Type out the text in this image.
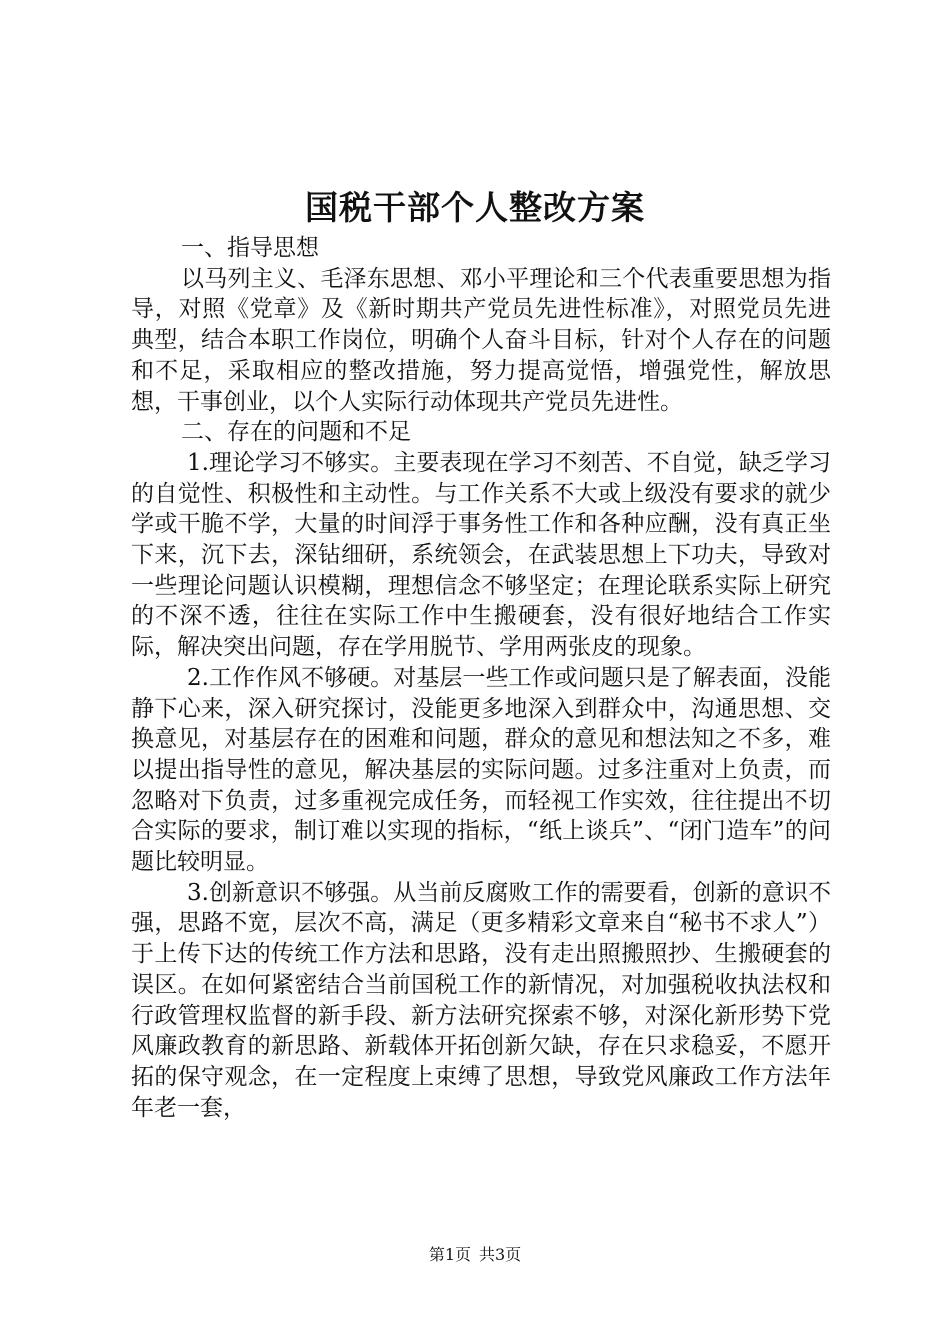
国税干部个人整改方案

一、指导思想

以马列主义、毛泽东思想、邓小平理论和三个代表重要思想为指导，对照《党章》及《新时期共产党员先进性标准》，对照党员先进典型，结合本职工作岗位，明确个人奋斗目标，针对个人存在的问题和不足，采取相应的整改措施，努力提高觉悟，增强党性，解放思想，干事创业，以个人实际行动体现共产党员先进性。

二、存在的问题和不足

1.理论学习不够实。主要表现在学习不刻苦、不自觉，缺乏学习的自觉性、积极性和主动性。与工作关系不大或上级没有要求的就少学或干脆不学，大量的时间浮于事务性工作和各种应酬，没有真正坐下来，沉下去，深钻细研，系统领会，在武装思想上下功夫，导致对一些理论问题认识模糊，理想信念不够坚定；在理论联系实际上研究的不深不透，往往在实际工作中生搬硬套，没有很好地结合工作实际，解决突出问题，存在学用脱节、学用两张皮的现象。

2.工作作风不够硬。对基层一些工作或问题只是了解表面，没能静下心来，深入研究探讨，没能更多地深入到群众中，沟通思想、交换意见，对基层存在的困难和问题，群众的意见和想法知之不多，难以提出指导性的意见，解决基层的实际问题。过多注重对上负责，而忽略对下负责，过多重视完成任务，而轻视工作实效，往往提出不切合实际的要求，制订难以实现的指标，“纸上谈兵”、“闭门造车”的问题比较明显。

3.创新意识不够强。从当前反腐败工作的需要看，创新的意识不强，思路不宽，层次不高，满足（更多精彩文章来自“秘书不求人”）于上传下达的传统工作方法和思路，没有走出照搬照抄、生搬硬套的误区。在如何紧密结合当前国税工作的新情况，对加强税收执法权和行政管理权监督的新手段、新方法研究探索不够，对深化新形势下党风廉政教育的新思路、新载体开拓创新欠缺，存在只求稳妥，不愿开拓的保守观念，在一定程度上束缚了思想，导致党风廉政工作方法年年老一套，

第1页 共3页
